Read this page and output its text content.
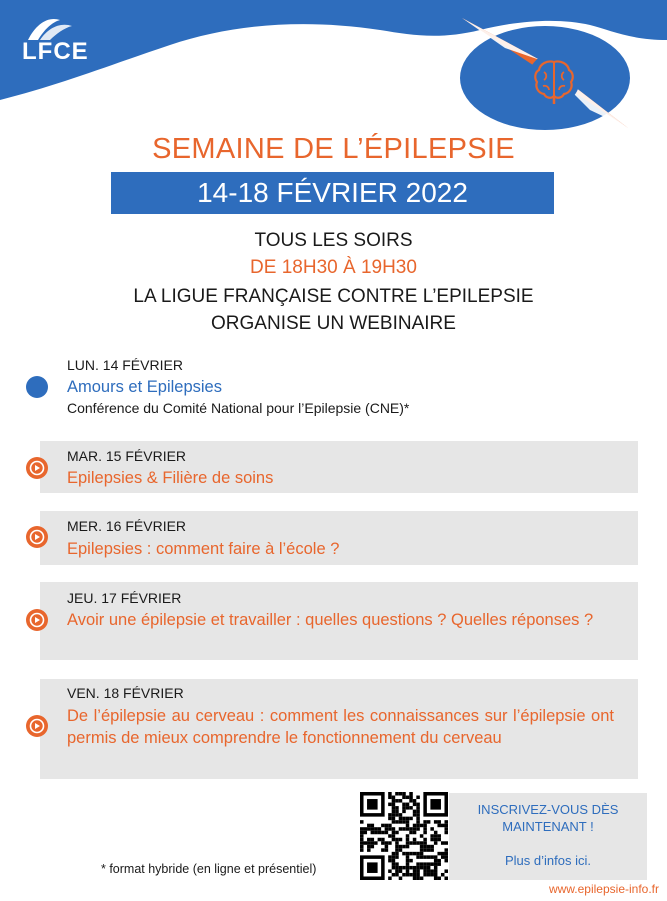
LFCE
SEMAINE DE L’ÉPILEPSIE
14-18 FÉVRIER 2022
TOUS LES SOIRS
DE 18H30 À 19H30
LA LIGUE FRANÇAISE CONTRE L’EPILEPSIE
ORGANISE UN WEBINAIRE
LUN. 14 FÉVRIER
Amours et Epilepsies
Conférence du Comité National pour l’Epilepsie (CNE)*
MAR. 15 FÉVRIER
Epilepsies & Filière de soins
MER. 16 FÉVRIER
Epilepsies : comment faire à l’école ?
JEU. 17 FÉVRIER
Avoir une épilepsie et travailler : quelles questions ? Quelles réponses ?
VEN. 18 FÉVRIER
De l’épilepsie au cerveau : comment les connaissances sur l’épilepsie ont permis de mieux comprendre le fonctionnement du cerveau
INSCRIVEZ-VOUS DÈS
MAINTENANT !
Plus d’infos ici.
* format hybride (en ligne et présentiel)
www.epilepsie-info.fr
